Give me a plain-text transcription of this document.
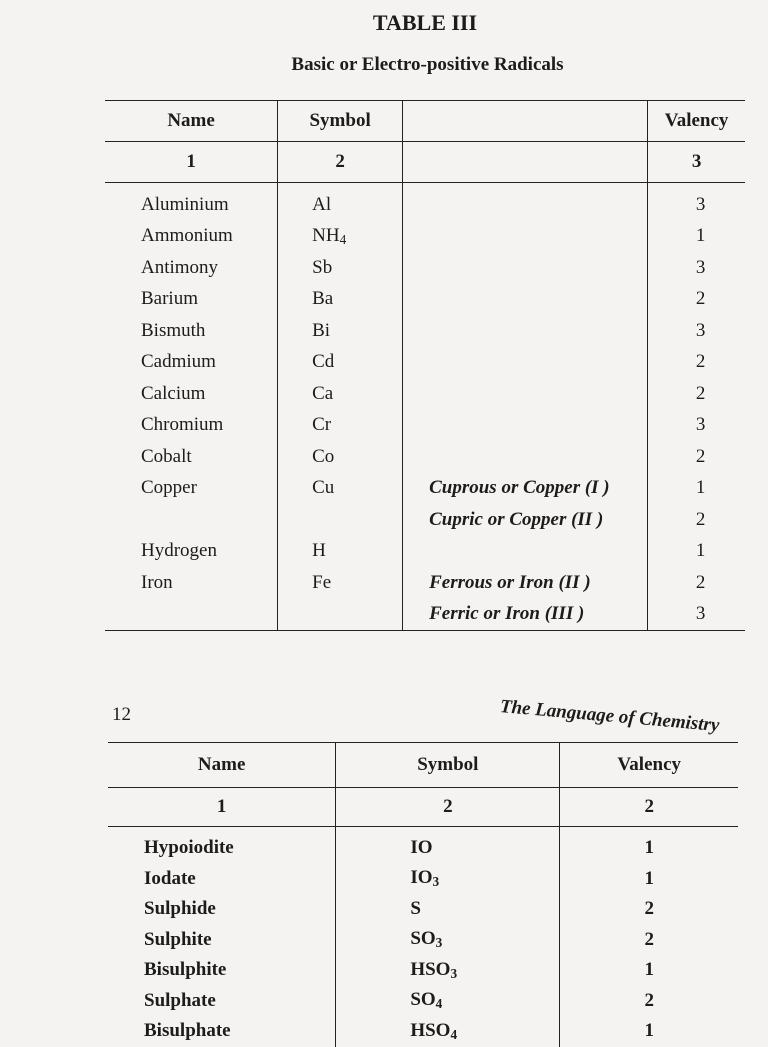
TABLE III
Basic or Electro-positive Radicals
Name	Symbol		Valency
1	2		3
Aluminium	Al		3
Ammonium	$NH_4$		1
Antimony	Sb		3
Barium	Ba		2
Bismuth	Bi		3
Cadmium	Cd		2
Calcium	Ca		2
Chromium	Cr		3
Cobalt	Co		2
Copper	Cu	Cuprous or Copper (I )	1
		Cupric or Copper (II )	2
Hydrogen	H		1
Iron	Fe	Ferrous or Iron (II )	2
		Ferric or Iron (III )	3
12	The Language of Chemistry
Name	Symbol	Valency
1	2	2
Hypoiodite	IO	1
Iodate	$IO_3$	1
Sulphide	S	2
Sulphite	$SO_3$	2
Bisulphite	$HSO_3$	1
Sulphate	$SO_4$	2
Bisulphate	$HSO_4$	1
